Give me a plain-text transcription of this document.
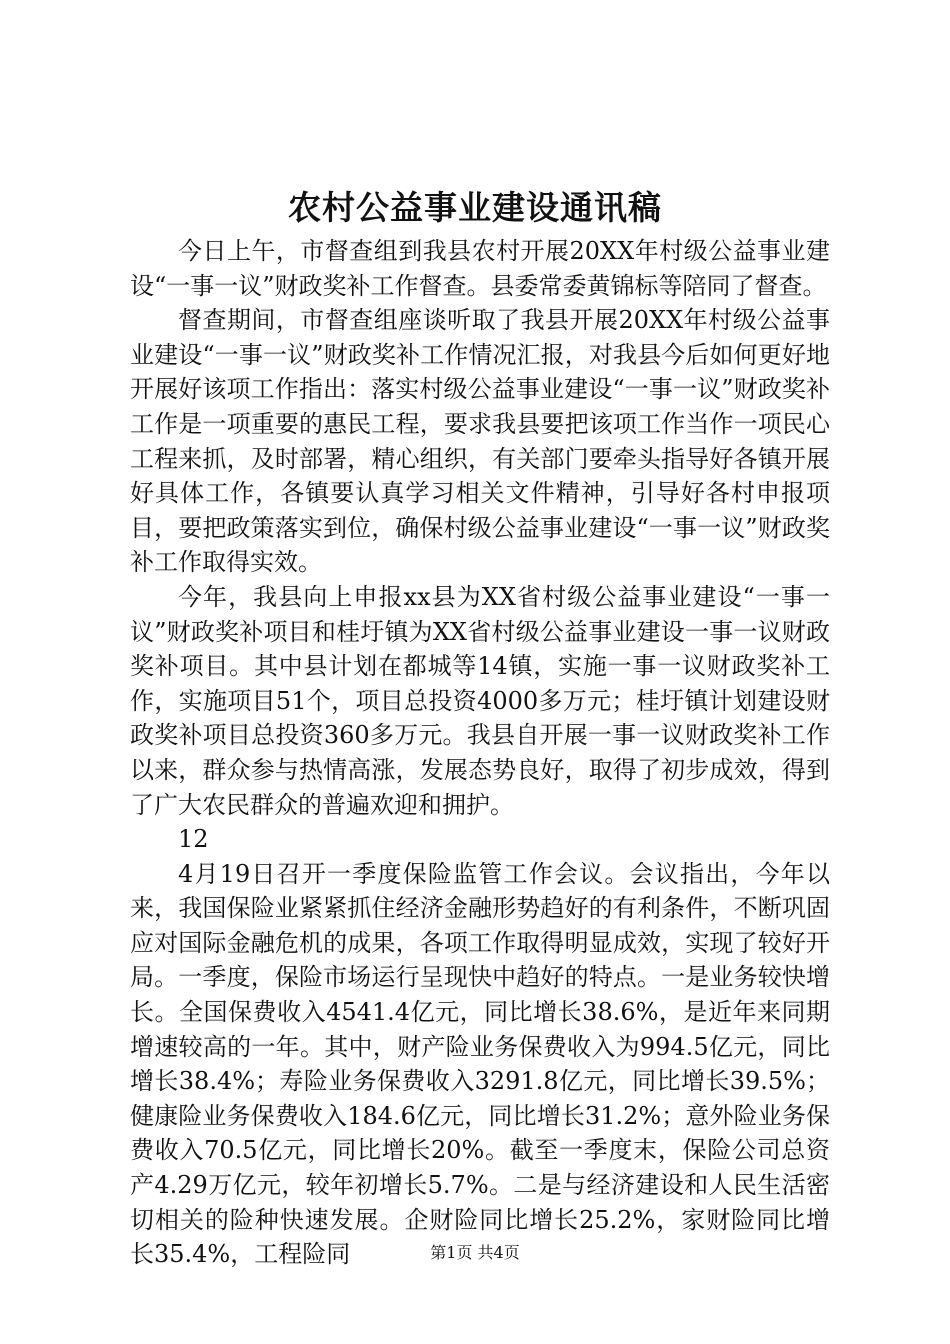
农村公益事业建设通讯稿

今日上午，市督查组到我县农村开展20XX年村级公益事业建设“一事一议”财政奖补工作督查。县委常委黄锦标等陪同了督查。

督查期间，市督查组座谈听取了我县开展20XX年村级公益事业建设“一事一议”财政奖补工作情况汇报，对我县今后如何更好地开展好该项工作指出：落实村级公益事业建设“一事一议”财政奖补工作是一项重要的惠民工程，要求我县要把该项工作当作一项民心工程来抓，及时部署，精心组织，有关部门要牵头指导好各镇开展好具体工作，各镇要认真学习相关文件精神，引导好各村申报项目，要把政策落实到位，确保村级公益事业建设“一事一议”财政奖补工作取得实效。

今年，我县向上申报xx县为XX省村级公益事业建设“一事一议”财政奖补项目和桂圩镇为XX省村级公益事业建设一事一议财政奖补项目。其中县计划在都城等14镇，实施一事一议财政奖补工作，实施项目51个，项目总投资4000多万元；桂圩镇计划建设财政奖补项目总投资360多万元。我县自开展一事一议财政奖补工作以来，群众参与热情高涨，发展态势良好，取得了初步成效，得到了广大农民群众的普遍欢迎和拥护。

12

4月19日召开一季度保险监管工作会议。会议指出，今年以来，我国保险业紧紧抓住经济金融形势趋好的有利条件，不断巩固应对国际金融危机的成果，各项工作取得明显成效，实现了较好开局。一季度，保险市场运行呈现快中趋好的特点。一是业务较快增长。全国保费收入4541.4亿元，同比增长38.6%，是近年来同期增速较高的一年。其中，财产险业务保费收入为994.5亿元，同比增长38.4%；寿险业务保费收入3291.8亿元，同比增长39.5%；健康险业务保费收入184.6亿元，同比增长31.2%；意外险业务保费收入70.5亿元，同比增长20%。截至一季度末，保险公司总资产4.29万亿元，较年初增长5.7%。二是与经济建设和人民生活密切相关的险种快速发展。企财险同比增长25.2%，家财险同比增长35.4%，工程险同	第1页 共4页
